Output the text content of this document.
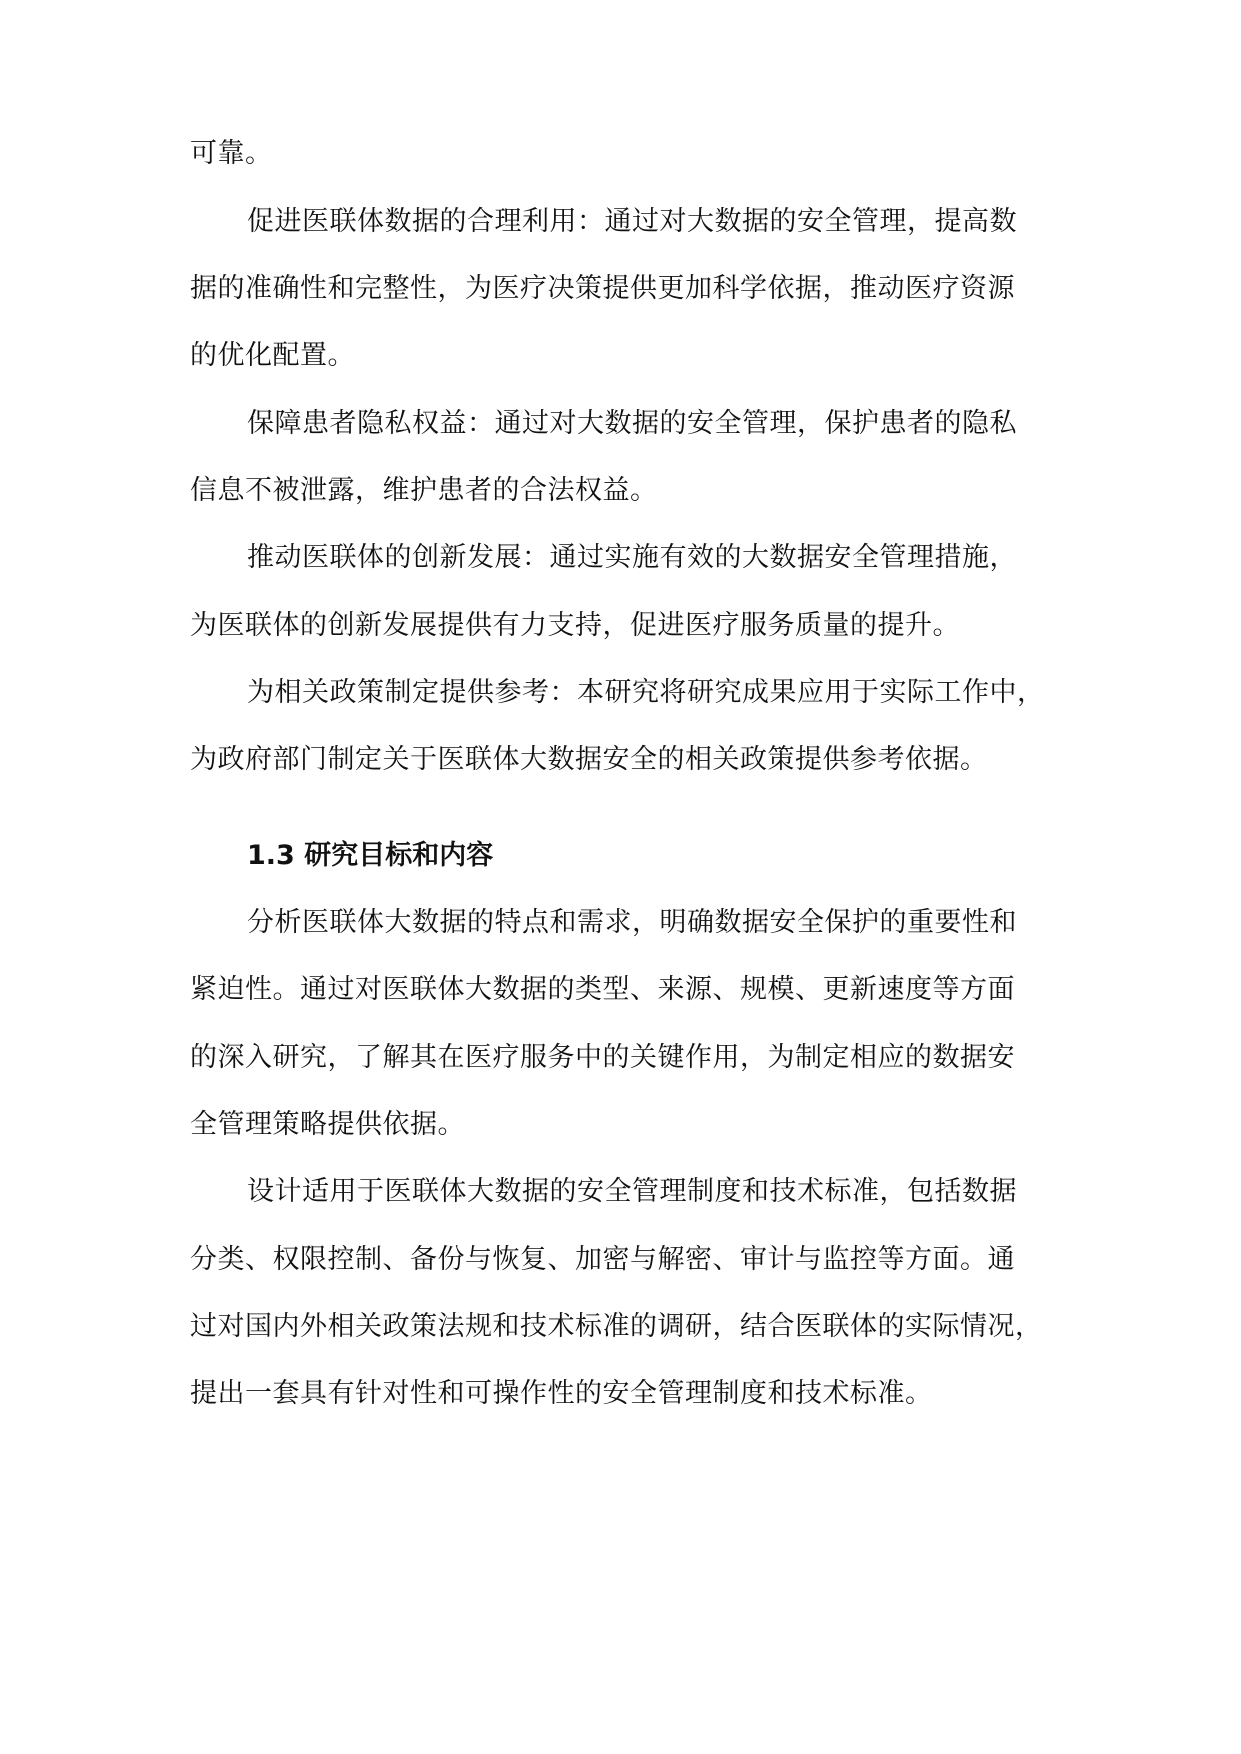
可靠。
促进医联体数据的合理利用：通过对大数据的安全管理，提高数
据的准确性和完整性，为医疗决策提供更加科学依据，推动医疗资源
的优化配置。
保障患者隐私权益：通过对大数据的安全管理，保护患者的隐私
信息不被泄露，维护患者的合法权益。
推动医联体的创新发展：通过实施有效的大数据安全管理措施，
为医联体的创新发展提供有力支持，促进医疗服务质量的提升。
为相关政策制定提供参考：本研究将研究成果应用于实际工作中，
为政府部门制定关于医联体大数据安全的相关政策提供参考依据。
1.3 研究目标和内容
分析医联体大数据的特点和需求，明确数据安全保护的重要性和
紧迫性。通过对医联体大数据的类型、来源、规模、更新速度等方面
的深入研究，了解其在医疗服务中的关键作用，为制定相应的数据安
全管理策略提供依据。
设计适用于医联体大数据的安全管理制度和技术标准，包括数据
分类、权限控制、备份与恢复、加密与解密、审计与监控等方面。通
过对国内外相关政策法规和技术标准的调研，结合医联体的实际情况，
提出一套具有针对性和可操作性的安全管理制度和技术标准。
